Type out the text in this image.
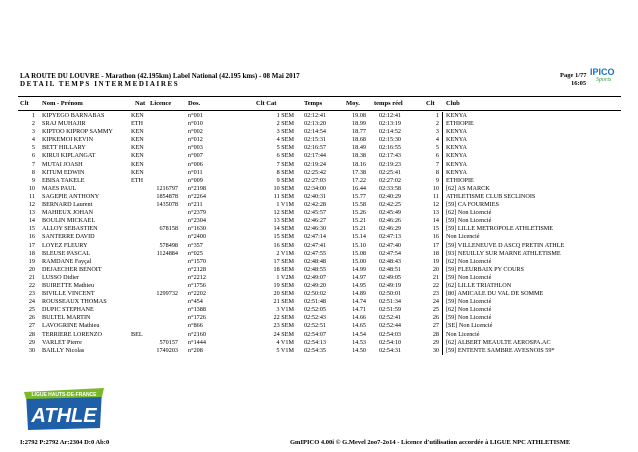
LA ROUTE DU LOUVRE - Marathon (42.195km) Label National (42.195 kms) - 08 Mai 2017
DETAIL TEMPS INTERMEDIAIRES
Page 1/77
16:05
IPICO
Sports
Clt Nom - Prénom	Nat Licence	Dos.	Clt Cat	Temps	Moy. temps réel	Clt Club
1 KIPYEGO BARNABAS	KEN	n°001	1 SEM 02:12:41	19.08 02:12:41	1 KENYA
2 SRAJ MUHAJIR	ETH	n°010	2 SEM 02:13:20	18.99 02:13:19	2 ETHIOPIE
3 KIPTOO KIPROP SAMMY	KEN	n°002	3 SEM 02:14:54	18.77 02:14:52	3 KENYA
4 KIPKEMOI KEVIN	KEN	n°012	4 SEM 02:15:31	18.68 02:15:30	4 KENYA
5 BETT HILLARY	KEN	n°003	5 SEM 02:16:57	18.49 02:16:55	5 KENYA
6 KIRUI KIPLANGAT	KEN	n°007	6 SEM 02:17:44	18.38 02:17:43	6 KENYA
7 MUTAI JOASH	KEN	n°006	7 SEM 02:19:24	18.16 02:19:23	7 KENYA
8 KITUM EDWIN	KEN	n°011	8 SEM 02:25:42	17.38 02:25:41	8 KENYA
9 EBISA TAKELE	ETH	n°009	9 SEM 02:27:03	17.22 02:27:02	9 ETHIOPIE
10 MAES PAUL	1216797 n°2198	10 SEM 02:34:00	16.44 02:33:58	10 [62] AS MARCK
11 SAGEPIE ANTHONY	1854878 n°2264	11 SEM 02:40:31	15.77 02:40:29	11 ATHLETISME CLUB SECLINOIS
12 BERNARD Laurent	1435078 n°211	1 V1M 02:42:28	15.58 02:42:25	12 [59] CA FOURMIES
13 MAHIEUX JOHAN	n°2379	12 SEM 02:45:57	15.26 02:45:49	13 [62] Non Licencié
14 BOULIN MICKAEL	n°2304	13 SEM 02:46:27	15.21 02:46:26	14 [59] Non Licencié
15 ALLOY SEBASTIEN	678158 n°1630	14 SEM 02:46:30	15.21 02:46:29	15 [59] LILLE METROPOLE ATHLETISME
16 SANTERRE DAVID	n°2400	15 SEM 02:47:14	15.14 02:47:13	16 Non Licencié
17 LOYEZ FLEURY	578498 n°357	16 SEM 02:47:41	15.10 02:47:40	17 [59] VILLENEUVE D ASCQ FRETIN ATHLE
18 BLEUSE PASCAL	1124884 n°025	2 V1M 02:47:55	15.08 02:47:54	18 [93] NEUILLY SUR MARNE ATHLETISME
19 RAMDANE Fayçal	n°1570	17 SEM 02:48:48	15.00 02:48:43	19 [62] Non Licencié
20 DEJAECHER BENOIT	n°2128	18 SEM 02:48:55	14.99 02:48:51	20 [59] FLEURBAIX PY COURS
21 LUSSO Didier	n°2212	1 V2M 02:49:07	14.97 02:49:05	21 [59] Non Licencié
22 BUIRETTE Mathieu	n°1756	19 SEM 02:49:20	14.95 02:49:19	22 [62] LILLE TRIATHLON
23 BIVILLE VINCENT	1299732 n°2202	20 SEM 02:50:02	14.89 02:50:01	23 [80] AMICALE DU VAL DE SOMME
24 ROUSSEAUX THOMAS	n°454	21 SEM 02:51:48	14.74 02:51:34	24 [59] Non Licencié
25 DUPIC STEPHANE	n°1388	3 V1M 02:52:05	14.71 02:51:59	25 [62] Non Licencié
26 BULTEL MARTIN	n°1726	22 SEM 02:52:43	14.66 02:52:41	26 [59] Non Licencié
27 LAVOGRINE Mathieu	n°866	23 SEM 02:52:51	14.65 02:52:44	27 [SE] Non Licencié
28 TERRIERE LORENZO	BEL	n°2160	24 SEM 02:54:07	14.54 02:54:03	28 Non Licencié
29 VARLET Pierre	570157 n°1444	4 V1M 02:54:13	14.53 02:54:10	29 [62] ALBERT MEAULTE AEROSPA.AC
30 BAILLY Nicolas	1749203 n°208	5 V1M 02:54:35	14.50 02:54:31	30 [59] ENTENTE SAMBRE AVESNOIS 59*
LIGUE HAUTS-DE-FRANCE
ATHLE
I:2792 P:2792 Ar:2304 D:0 Ab:0	GmIPICO 4.00i © G.Mevel 2oo7-2o14 - Licence d'utilisation accordée à LIGUE NPC ATHLETISME
